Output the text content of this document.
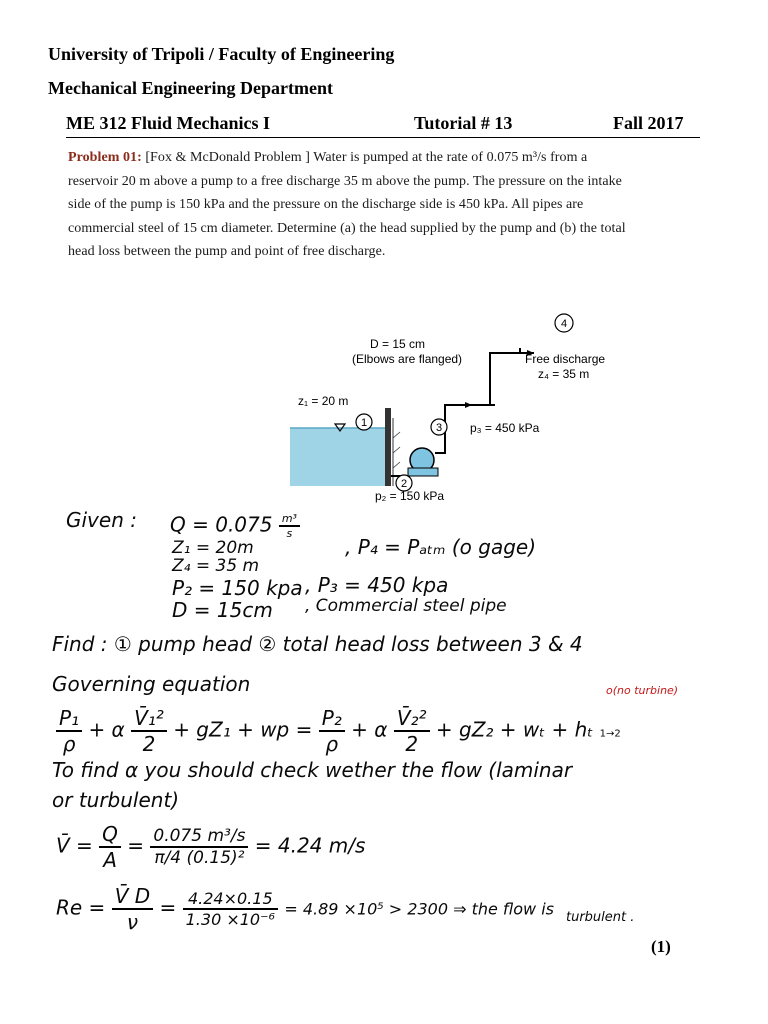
University of Tripoli / Faculty of Engineering
Mechanical Engineering Department
ME 312 Fluid Mechanics I	Tutorial # 13	Fall 2017
Problem 01: [Fox & McDonald Problem ] Water is pumped at the rate of 0.075 m³/s from a reservoir 20 m above a pump to a free discharge 35 m above the pump. The pressure on the intake side of the pump is 150 kPa and the pressure on the discharge side is 450 kPa. All pipes are commercial steel of 15 cm diameter. Determine (a) the head supplied by the pump and (b) the total head loss between the pump and point of free discharge.
1
2
3
4
D = 15 cm
(Elbows are flanged)	Free discharge
z₄ = 35 m
z₁ = 20 m
p₃ = 450 kPa
p₂ = 150 kPa
Given : $Q = 0.075 \frac{\text{m³}}{s}$
Z₁ = 20m
Z₄ = 35 m
P₂ = 150 kpa
D = 15cm
, P₄ = Pₐₜₘ (o gage)
, P₃ = 450 kpa
, Commercial steel pipe
Find : ① pump head ② total head loss between 3 & 4
Governing equation	o(no turbine)
$\frac{\text{P₁}}{\rho} + \alpha \frac{\text{V̄₁²}}{2} + gZ_1$ + wp = $\frac{\text{P₂}}{\rho} + \alpha \frac{\text{V̄₂²}}{2} + gZ_2 + w_t + h_t$ 1→2
To find α you should check wether the flow (laminar
or turbulent)
V̄ = $\frac{Q}{A} = \frac{\text{0.075 m³/s}}{\text{π/4 (0.15)²}} = 4.24$ m/s
$Re = \frac{V̄ D}{\nu} = \frac{4.24\times 0.15}{\text{1.30 ×10⁻⁶}} = 4.89 \times 10^5 > 2300$ ⇒ the flow is turbulent .
(1)
